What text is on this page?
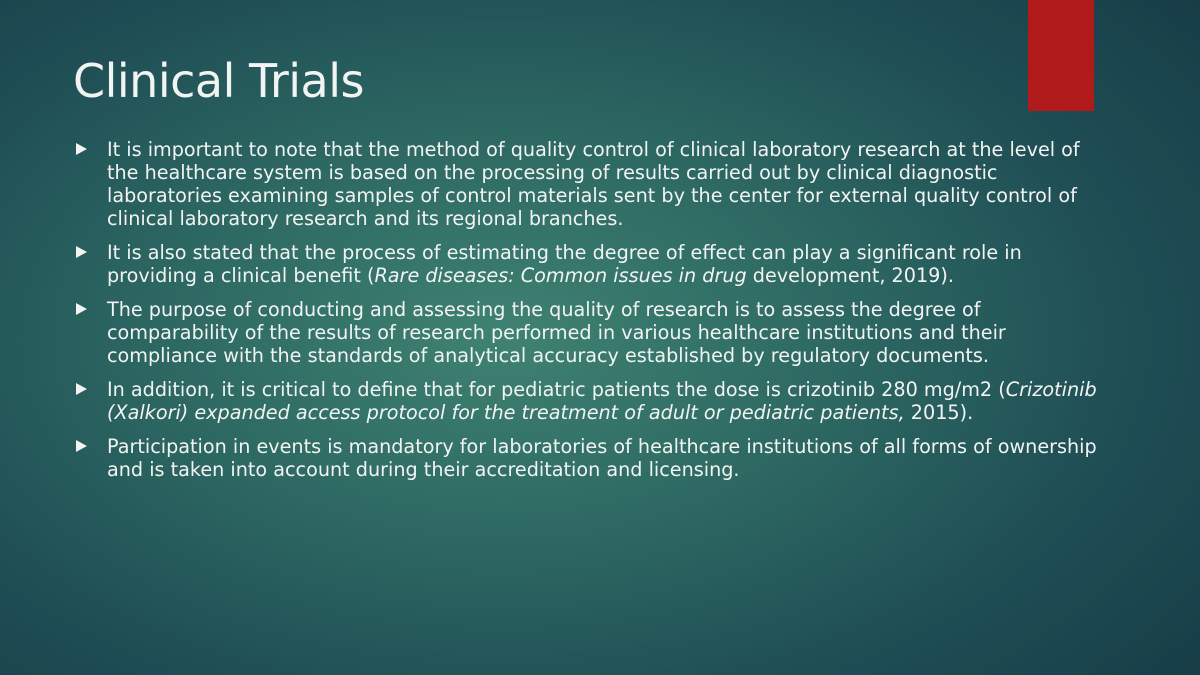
Clinical Trials
It is important to note that the method of quality control of clinical laboratory research at the level of the healthcare system is based on the processing of results carried out by clinical diagnostic laboratories examining samples of control materials sent by the center for external quality control of clinical laboratory research and its regional branches.
It is also stated that the process of estimating the degree of effect can play a significant role in providing a clinical benefit (Rare diseases: Common issues in drug development, 2019).
The purpose of conducting and assessing the quality of research is to assess the degree of comparability of the results of research performed in various healthcare institutions and their compliance with the standards of analytical accuracy established by regulatory documents.
In addition, it is critical to define that for pediatric patients the dose is crizotinib 280 mg/m2 (Crizotinib (Xalkori) expanded access protocol for the treatment of adult or pediatric patients, 2015).
Participation in events is mandatory for laboratories of healthcare institutions of all forms of ownership and is taken into account during their accreditation and licensing.
